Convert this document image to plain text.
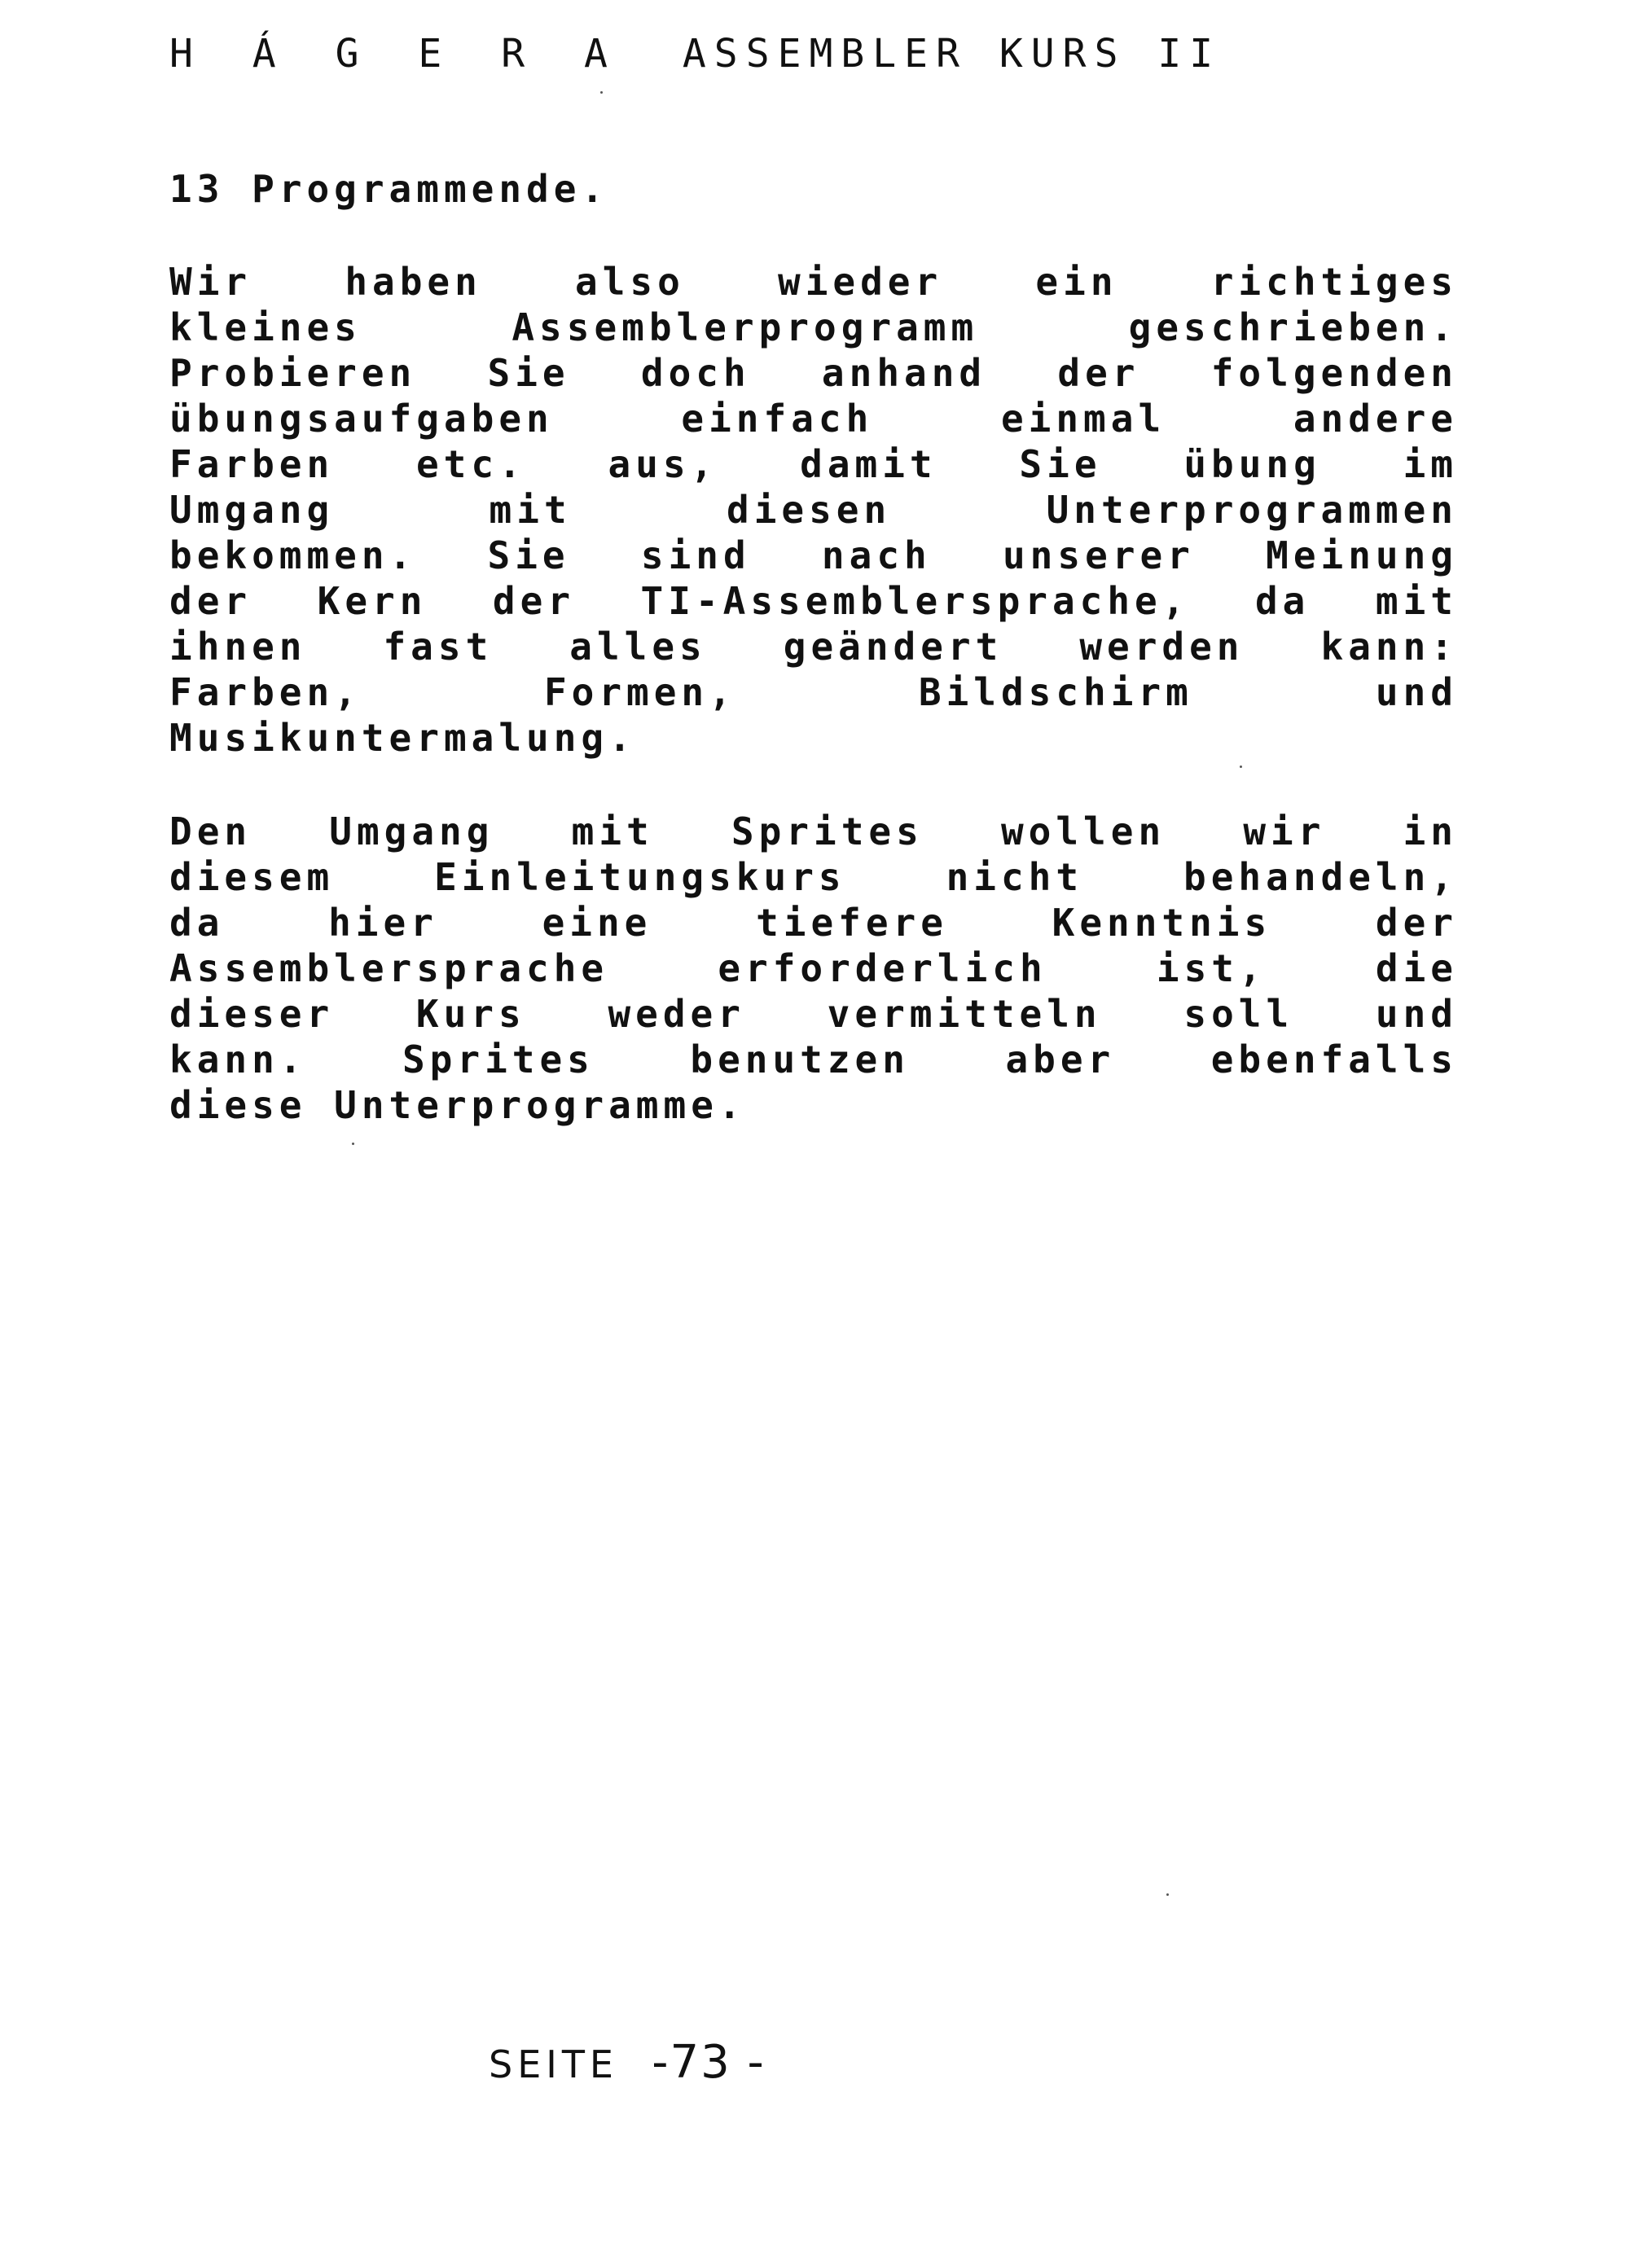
H Á G E R A ASSEMBLER KURS II
13 Programmende.
Wir haben also wieder ein richtiges
kleines Assemblerprogramm geschrieben.
Probieren Sie doch anhand der folgenden
übungsaufgaben einfach einmal andere
Farben etc. aus, damit Sie übung im
Umgang mit diesen Unterprogrammen
bekommen. Sie sind nach unserer Meinung
der Kern der TI-Assemblersprache, da mit
ihnen fast alles geändert werden kann:
Farben, Formen, Bildschirm und
Musikuntermalung.
Den Umgang mit Sprites wollen wir in
diesem Einleitungskurs nicht behandeln,
da hier eine tiefere Kenntnis der
Assemblersprache erforderlich ist, die
dieser Kurs weder vermitteln soll und
kann. Sprites benutzen aber ebenfalls
diese Unterprogramme.
SEITE -73 -
